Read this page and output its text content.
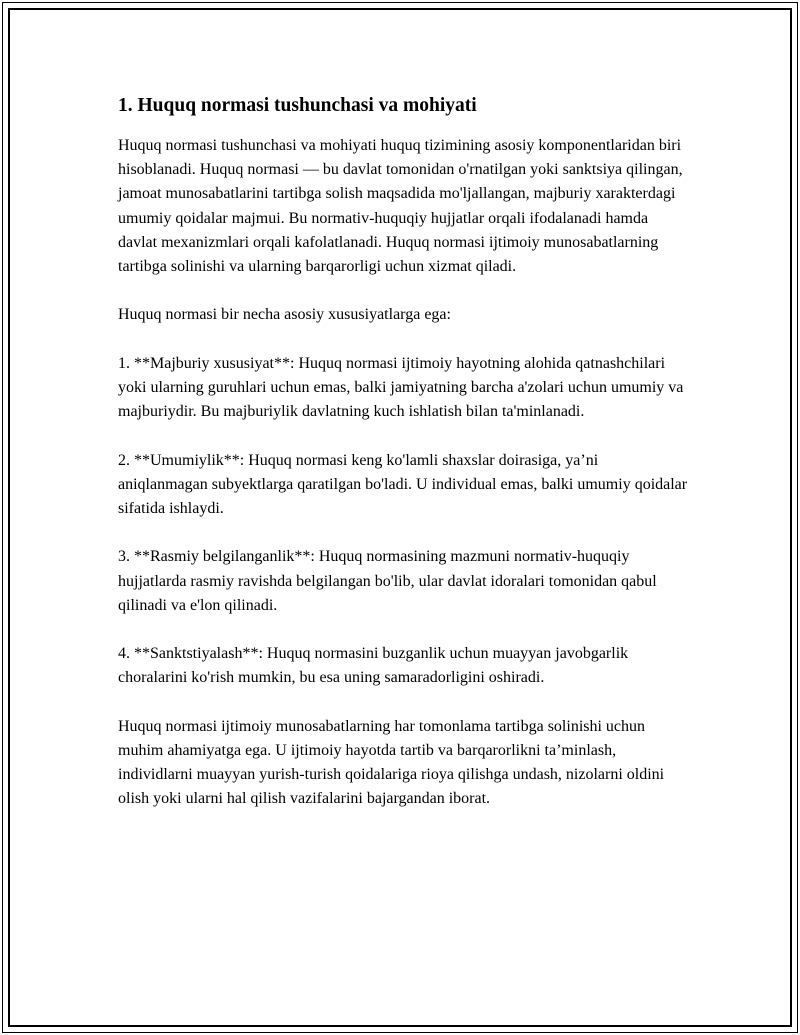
1. Huquq normasi tushunchasi va mohiyati

Huquq normasi tushunchasi va mohiyati huquq tizimining asosiy komponentlaridan biri hisoblanadi. Huquq normasi — bu davlat tomonidan o'rnatilgan yoki sanktsiya qilingan, jamoat munosabatlarini tartibga solish maqsadida mo'ljallangan, majburiy xarakterdagi umumiy qoidalar majmui. Bu normativ-huquqiy hujjatlar orqali ifodalanadi hamda davlat mexanizmlari orqali kafolatlanadi. Huquq normasi ijtimoiy munosabatlarning tartibga solinishi va ularning barqarorligi uchun xizmat qiladi.

Huquq normasi bir necha asosiy xususiyatlarga ega:

1. **Majburiy xususiyat**: Huquq normasi ijtimoiy hayotning alohida qatnashchilari yoki ularning guruhlari uchun emas, balki jamiyatning barcha a'zolari uchun umumiy va majburiydir. Bu majburiylik davlatning kuch ishlatish bilan ta'minlanadi.

2. **Umumiylik**: Huquq normasi keng ko'lamli shaxslar doirasiga, ya’ni aniqlanmagan subyektlarga qaratilgan bo'ladi. U individual emas, balki umumiy qoidalar sifatida ishlaydi.

3. **Rasmiy belgilanganlik**: Huquq normasining mazmuni normativ-huquqiy hujjatlarda rasmiy ravishda belgilangan bo'lib, ular davlat idoralari tomonidan qabul qilinadi va e'lon qilinadi.

4. **Sanktstiyalash**: Huquq normasini buzganlik uchun muayyan javobgarlik choralarini ko'rish mumkin, bu esa uning samaradorligini oshiradi.

Huquq normasi ijtimoiy munosabatlarning har tomonlama tartibga solinishi uchun muhim ahamiyatga ega. U ijtimoiy hayotda tartib va barqarorlikni ta’minlash, individlarni muayyan yurish-turish qoidalariga rioya qilishga undash, nizolarni oldini olish yoki ularni hal qilish vazifalarini bajargandan iborat.
